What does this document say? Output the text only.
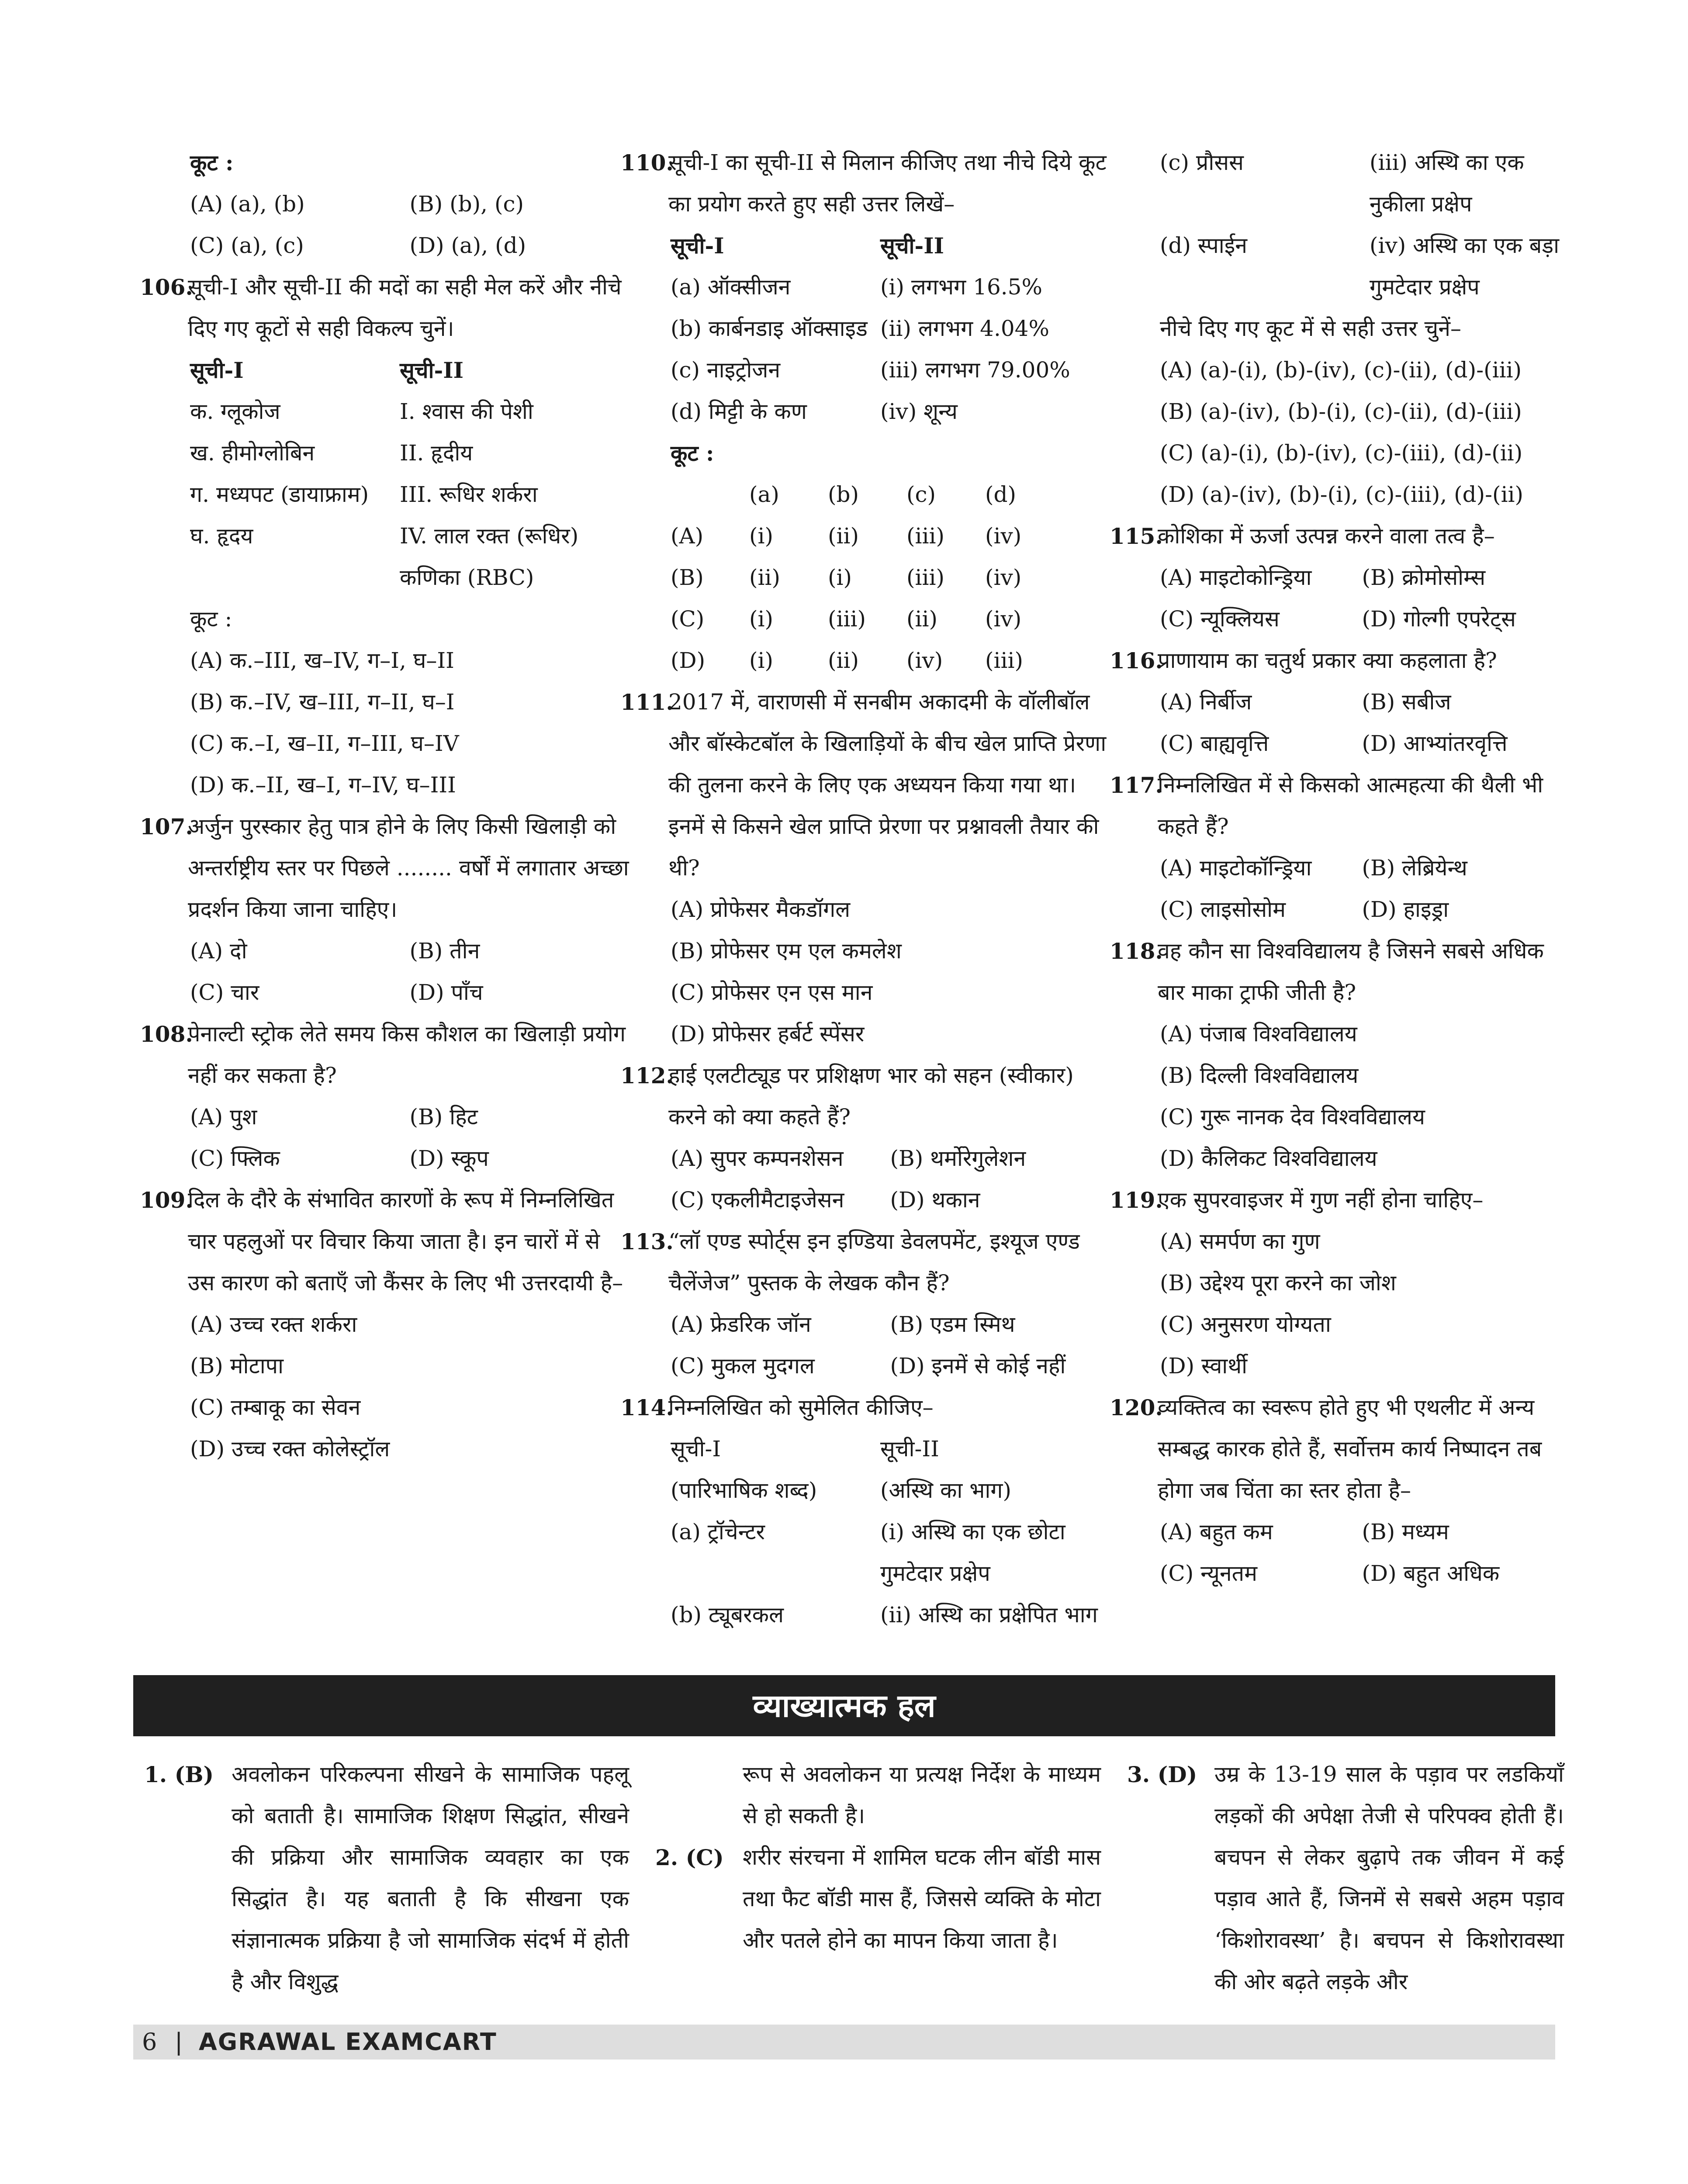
कूट :
(A) (a), (b)	(B) (b), (c)
(C) (a), (c)	(D) (a), (d)
106.
सूची-I और सूची-II की मदों का सही मेल करें और नीचे दिए गए कूटों से सही विकल्प चुनें।
सूची-I	सूची-II
क. ग्लूकोज	I. श्वास की पेशी
ख. हीमोग्लोबिन	II. हृदीय
ग. मध्यपट (डायाफ्राम)	III. रूधिर शर्करा
घ. हृदय	IV. लाल रक्त (रूधिर) कणिका (RBC)
कूट :
(A) क.–III, ख–IV, ग–I, घ–II
(B) क.–IV, ख–III, ग–II, घ–I
(C) क.–I, ख–II, ग–III, घ–IV
(D) क.–II, ख–I, ग–IV, घ–III
107.
अर्जुन पुरस्कार हेतु पात्र होने के लिए किसी खिलाड़ी को अन्तर्राष्ट्रीय स्तर पर पिछले ........ वर्षों में लगातार अच्छा प्रदर्शन किया जाना चाहिए।
(A) दो	(B) तीन
(C) चार	(D) पाँच
108.
पेनाल्टी स्ट्रोक लेते समय किस कौशल का खिलाड़ी प्रयोग नहीं कर सकता है?
(A) पुश	(B) हिट
(C) फ्लिक	(D) स्कूप
109.
दिल के दौरे के संभावित कारणों के रूप में निम्नलिखित चार पहलुओं पर विचार किया जाता है। इन चारों में से उस कारण को बताएँ जो कैंसर के लिए भी उत्तरदायी है–
(A) उच्च रक्त शर्करा
(B) मोटापा
(C) तम्बाकू का सेवन
(D) उच्च रक्त कोलेस्ट्रॉल
110.
सूची-I का सूची-II से मिलान कीजिए तथा नीचे दिये कूट का प्रयोग करते हुए सही उत्तर लिखें–
सूची-I	सूची-II
(a) ऑक्सीजन	(i) लगभग 16.5%
(b) कार्बनडाइ ऑक्साइड (ii) लगभग 4.04%
(c) नाइट्रोजन	(iii) लगभग 79.00%
(d) मिट्टी के कण	(iv) शून्य
कूट :
(a)	(b)	(c)	(d)
(A)	(i)	(ii)	(iii)	(iv)
(B)	(ii)	(i)	(iii)	(iv)
(C)	(i)	(iii)	(ii)	(iv)
(D)	(i)	(ii)	(iv)	(iii)
111.
2017 में, वाराणसी में सनबीम अकादमी के वॉलीबॉल और बॉस्केटबॉल के खिलाड़ियों के बीच खेल प्राप्ति प्रेरणा की तुलना करने के लिए एक अध्ययन किया गया था। इनमें से किसने खेल प्राप्ति प्रेरणा पर प्रश्नावली तैयार की थी?
(A) प्रोफेसर मैकडॉगल
(B) प्रोफेसर एम एल कमलेश
(C) प्रोफेसर एन एस मान
(D) प्रोफेसर हर्बर्ट स्पेंसर
112.
हाई एलटीट्यूड पर प्रशिक्षण भार को सहन (स्वीकार) करने को क्या कहते हैं?
(A) सुपर कम्पनशेसन	(B) थर्मोरेगुलेशन
(C) एकलीमैटाइजेसन	(D) थकान
113.
“लॉ एण्ड स्पोर्ट्स इन इण्डिया डेवलपमेंट, इश्यूज एण्ड चैलेंजेज” पुस्तक के लेखक कौन हैं?
(A) फ्रेडरिक जॉन	(B) एडम स्मिथ
(C) मुकल मुदगल	(D) इनमें से कोई नहीं
114.
निम्नलिखित को सुमेलित कीजिए–
सूची-I	सूची-II
(पारिभाषिक शब्द)	(अस्थि का भाग)
(a) ट्रॉचेन्टर	(i) अस्थि का एक छोटा गुमटेदार प्रक्षेप
(b) ट्यूबरकल	(ii) अस्थि का प्रक्षेपित भाग
(c) प्रौसस	(iii) अस्थि का एक नुकीला प्रक्षेप
(d) स्पाईन	(iv) अस्थि का एक बड़ा गुमटेदार प्रक्षेप
नीचे दिए गए कूट में से सही उत्तर चुनें–
(A) (a)-(i), (b)-(iv), (c)-(ii), (d)-(iii)
(B) (a)-(iv), (b)-(i), (c)-(ii), (d)-(iii)
(C) (a)-(i), (b)-(iv), (c)-(iii), (d)-(ii)
(D) (a)-(iv), (b)-(i), (c)-(iii), (d)-(ii)
115.
कोशिका में ऊर्जा उत्पन्न करने वाला तत्व है–
(A) माइटोकोन्ड्रिया	(B) क्रोमोसोम्स
(C) न्यूक्लियस	(D) गोल्गी एपरेट्स
116.
प्राणायाम का चतुर्थ प्रकार क्या कहलाता है?
(A) निर्बीज	(B) सबीज
(C) बाह्यवृत्ति	(D) आभ्यांतरवृत्ति
117.
निम्नलिखित में से किसको आत्महत्या की थैली भी कहते हैं?
(A) माइटोकॉन्ड्रिया	(B) लेब्रियेन्थ
(C) लाइसोसोम	(D) हाइड्रा
118.
वह कौन सा विश्वविद्यालय है जिसने सबसे अधिक बार माका ट्राफी जीती है?
(A) पंजाब विश्वविद्यालय
(B) दिल्ली विश्वविद्यालय
(C) गुरू नानक देव विश्वविद्यालय
(D) कैलिकट विश्वविद्यालय
119.
एक सुपरवाइजर में गुण नहीं होना चाहिए–
(A) समर्पण का गुण
(B) उद्देश्य पूरा करने का जोश
(C) अनुसरण योग्यता
(D) स्वार्थी
120.
व्यक्तित्व का स्वरूप होते हुए भी एथलीट में अन्य सम्बद्ध कारक होते हैं, सर्वोत्तम कार्य निष्पादन तब होगा जब चिंता का स्तर होता है–
(A) बहुत कम	(B) मध्यम
(C) न्यूनतम	(D) बहुत अधिक
व्याख्यात्मक हल
1. (B) अवलोकन परिकल्पना सीखने के सामाजिक पहलू को बताती है। सामाजिक शिक्षण सिद्धांत, सीखने की प्रक्रिया और सामाजिक व्यवहार का एक सिद्धांत है। यह बताती है कि सीखना एक संज्ञानात्मक प्रक्रिया है जो सामाजिक संदर्भ में होती है और विशुद्ध
रूप से अवलोकन या प्रत्यक्ष निर्देश के माध्यम से हो सकती है।
2. (C) शरीर संरचना में शामिल घटक लीन बॉडी मास तथा फैट बॉडी मास हैं, जिससे व्यक्ति के मोटा और पतले होने का मापन किया जाता है।
3. (D) उम्र के 13-19 साल के पड़ाव पर लडकियाँ लड़कों की अपेक्षा तेजी से परिपक्व होती हैं। बचपन से लेकर बुढ़ापे तक जीवन में कई पड़ाव आते हैं, जिनमें से सबसे अहम पड़ाव ‘किशोरावस्था’ है। बचपन से किशोरावस्था की ओर बढ़ते लड़के और
6 | AGRAWAL EXAMCART
